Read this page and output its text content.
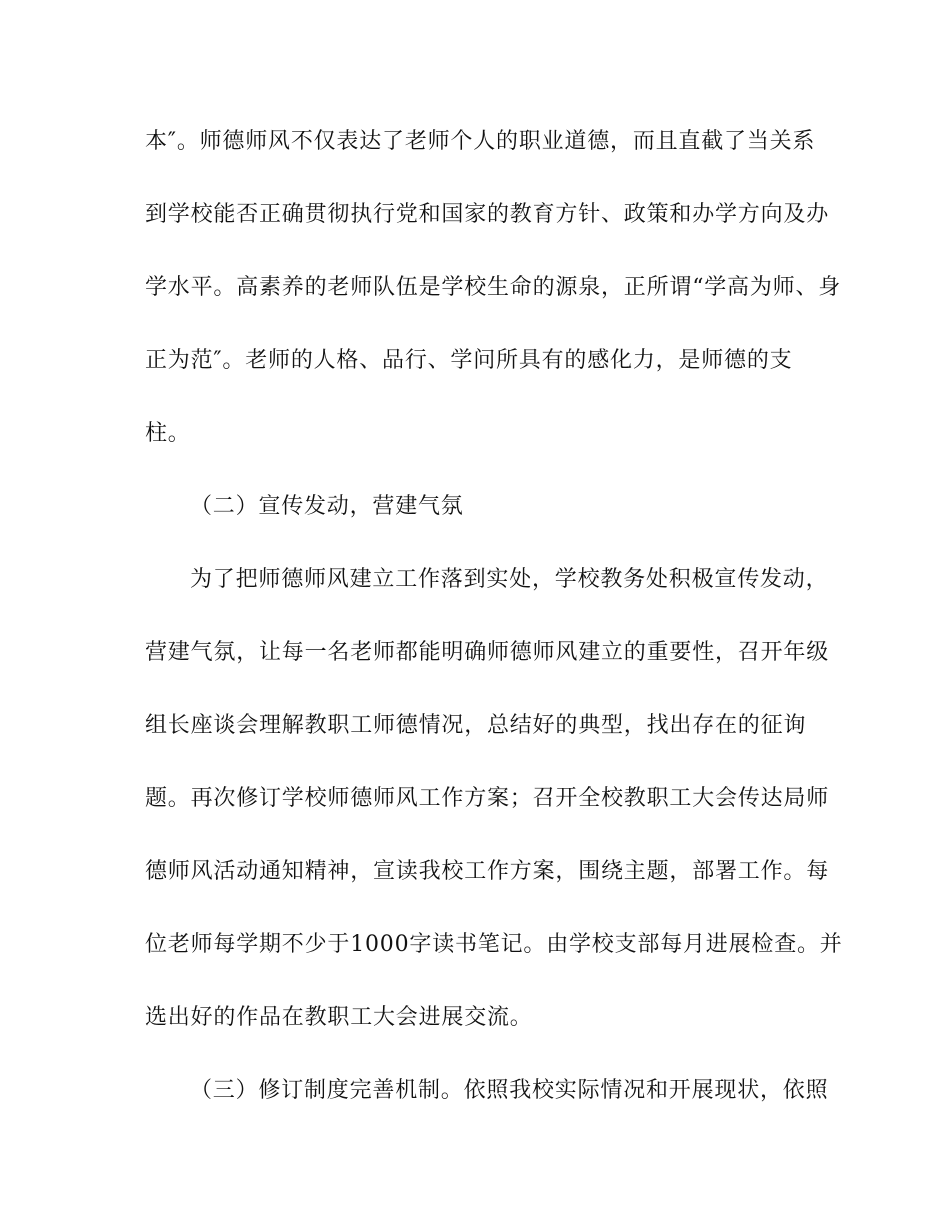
本″。师德师风不仅表达了老师个人的职业道德，而且直截了当关系
到学校能否正确贯彻执行党和国家的教育方针、政策和办学方向及办
学水平。高素养的老师队伍是学校生命的源泉，正所谓“学高为师、身
正为范″。老师的人格、品行、学问所具有的感化力，是师德的支
柱。
（二）宣传发动，营建气氛
为了把师德师风建立工作落到实处，学校教务处积极宣传发动，
营建气氛，让每一名老师都能明确师德师风建立的重要性，召开年级
组长座谈会理解教职工师德情况，总结好的典型，找出存在的征询
题。再次修订学校师德师风工作方案；召开全校教职工大会传达局师
德师风活动通知精神，宣读我校工作方案，围绕主题，部署工作。每
位老师每学期不少于1000字读书笔记。由学校支部每月进展检查。并
选出好的作品在教职工大会进展交流。
（三）修订制度完善机制。依照我校实际情况和开展现状，依照
